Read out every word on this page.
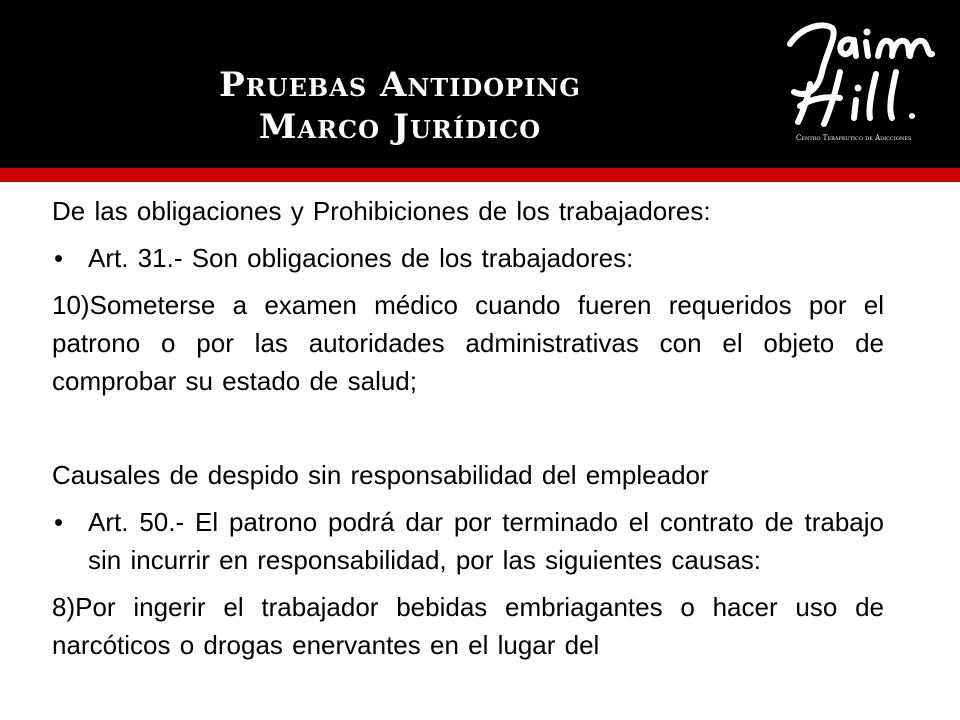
Pruebas Antidoping
Marco Jurídico	Centro Terapéutico de Adicciones

De las obligaciones y Prohibiciones de los trabajadores:

• Art. 31.- Son obligaciones de los trabajadores:

10)Someterse a examen médico cuando fueren requeridos por el patrono o por las autoridades administrativas con el objeto de comprobar su estado de salud;

Causales de despido sin responsabilidad del empleador

• Art. 50.- El patrono podrá dar por terminado el contrato de trabajo sin incurrir en responsabilidad, por las siguientes causas:

8)Por ingerir el trabajador bebidas embriagantes o hacer uso de narcóticos o drogas enervantes en el lugar del
